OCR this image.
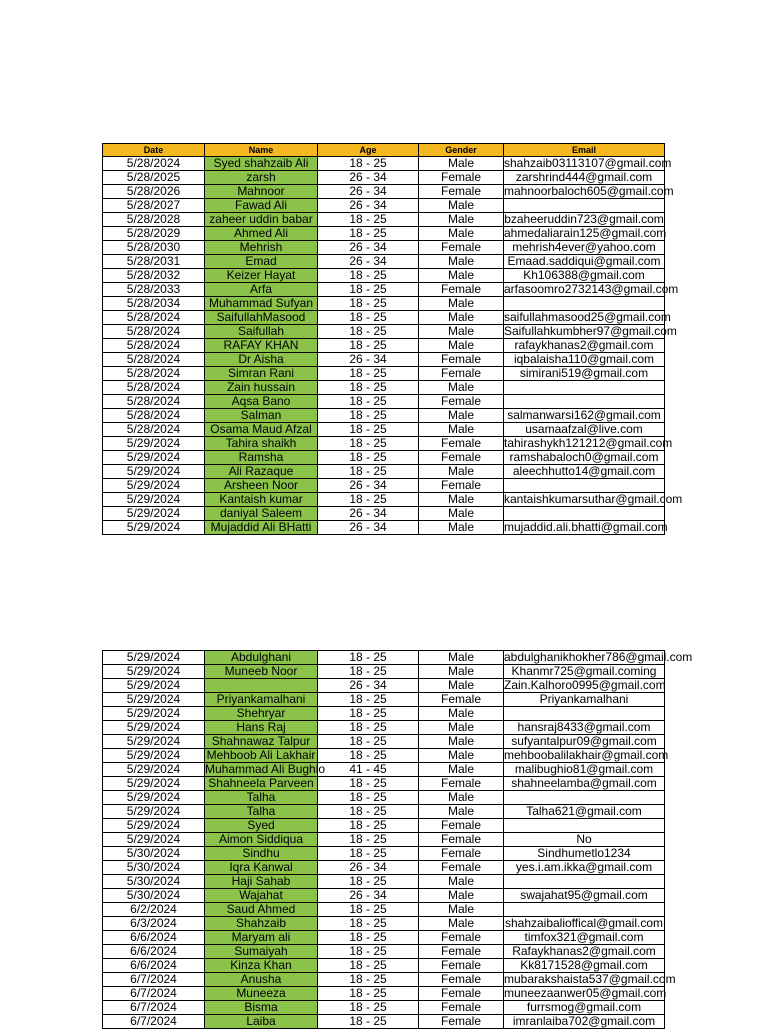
Date	Name	Age	Gender	Email
5/28/2024	Syed shahzaib Ali	18 - 25	Male	shahzaib03113107@gmail.com
5/28/2025	zarsh	26 - 34	Female	zarshrind444@gmail.com
5/28/2026	Mahnoor	26 - 34	Female	mahnoorbaloch605@gmail.com
5/28/2027	Fawad Ali	26 - 34	Male	
5/28/2028	zaheer uddin babar	18 - 25	Male	bzaheeruddin723@gmail.com
5/28/2029	Ahmed Ali	18 - 25	Male	ahmedaliarain125@gmail.com
5/28/2030	Mehrish	26 - 34	Female	mehrish4ever@yahoo.com
5/28/2031	Emad	26 - 34	Male	Emaad.saddiqui@gmail.com
5/28/2032	Keizer Hayat	18 - 25	Male	Kh106388@gmail.com
5/28/2033	Arfa	18 - 25	Female	arfasoomro2732143@gmail.com
5/28/2034	Muhammad Sufyan	18 - 25	Male	
5/28/2024	SaifullahMasood	18 - 25	Male	saifullahmasood25@gmail.com
5/28/2024	Saifullah	18 - 25	Male	Saifullahkumbher97@gmail.com
5/28/2024	RAFAY KHAN	18 - 25	Male	rafaykhanas2@gmail.com
5/28/2024	Dr Aisha	26 - 34	Female	iqbalaisha110@gmail.com
5/28/2024	Simran Rani	18 - 25	Female	simirani519@gmail.com
5/28/2024	Zain hussain	18 - 25	Male	
5/28/2024	Aqsa Bano	18 - 25	Female	
5/28/2024	Salman	18 - 25	Male	salmanwarsi162@gmail.com
5/28/2024	Osama Maud Afzal	18 - 25	Male	usamaafzal@live.com
5/29/2024	Tahira shaikh	18 - 25	Female	tahirashykh121212@gmail.com
5/29/2024	Ramsha	18 - 25	Female	ramshabaloch0@gmail.com
5/29/2024	Ali Razaque	18 - 25	Male	aleechhutto14@gmail.com
5/29/2024	Arsheen Noor	26 - 34	Female	
5/29/2024	Kantaish kumar	18 - 25	Male	kantaishkumarsuthar@gmail.com
5/29/2024	daniyal Saleem	26 - 34	Male	
5/29/2024	Mujaddid Ali BHatti	26 - 34	Male	mujaddid.ali.bhatti@gmail.com
5/29/2024	Abdulghani	18 - 25	Male	abdulghanikhokher786@gmail.com
5/29/2024	Muneeb Noor	18 - 25	Male	Khanmr725@gmail.coming
5/29/2024		26 - 34	Male	Zain.Kalhoro0995@gmail.com
5/29/2024	Priyankamalhani	18 - 25	Female	Priyankamalhani
5/29/2024	Shehryar	18 - 25	Male	
5/29/2024	Hans Raj	18 - 25	Male	hansraj8433@gmail.com
5/29/2024	Shahnawaz Talpur	18 - 25	Male	sufyantalpur09@gmail.com
5/29/2024	Mehboob Ali Lakhair	18 - 25	Male	mehboobalilakhair@gmail.com
5/29/2024	Muhammad Ali Bughio	41 - 45	Male	malibughio81@gmail.com
5/29/2024	Shahneela Parveen	18 - 25	Female	shahneelamba@gmail.com
5/29/2024	Talha	18 - 25	Male	
5/29/2024	Talha	18 - 25	Male	Talha621@gmail.com
5/29/2024	Syed	18 - 25	Female	
5/29/2024	Aimon Siddiqua	18 - 25	Female	No
5/30/2024	Sindhu	18 - 25	Female	Sindhumetlo1234
5/30/2024	Iqra Kanwal	26 - 34	Female	yes.i.am.ikka@gmail.com
5/30/2024	Haji Sahab	18 - 25	Male	
5/30/2024	Wajahat	26 - 34	Male	swajahat95@gmail.com
6/2/2024	Saud Ahmed	18 - 25	Male	
6/3/2024	Shahzaib	18 - 25	Male	shahzaibalioffical@gmail.com
6/6/2024	Maryam ali	18 - 25	Female	timfox321@gmail.com
6/6/2024	Sumaiyah	18 - 25	Female	Rafaykhanas2@gmail.com
6/6/2024	Kinza Khan	18 - 25	Female	Kk8171528@gmail.com
6/7/2024	Anusha	18 - 25	Female	mubarakshaista537@gmail.com
6/7/2024	Muneeza	18 - 25	Female	muneezaanwer05@gmail.com
6/7/2024	Bisma	18 - 25	Female	furrsmog@gmail.com
6/7/2024	Laiba	18 - 25	Female	imranlaiba702@gmail.com
